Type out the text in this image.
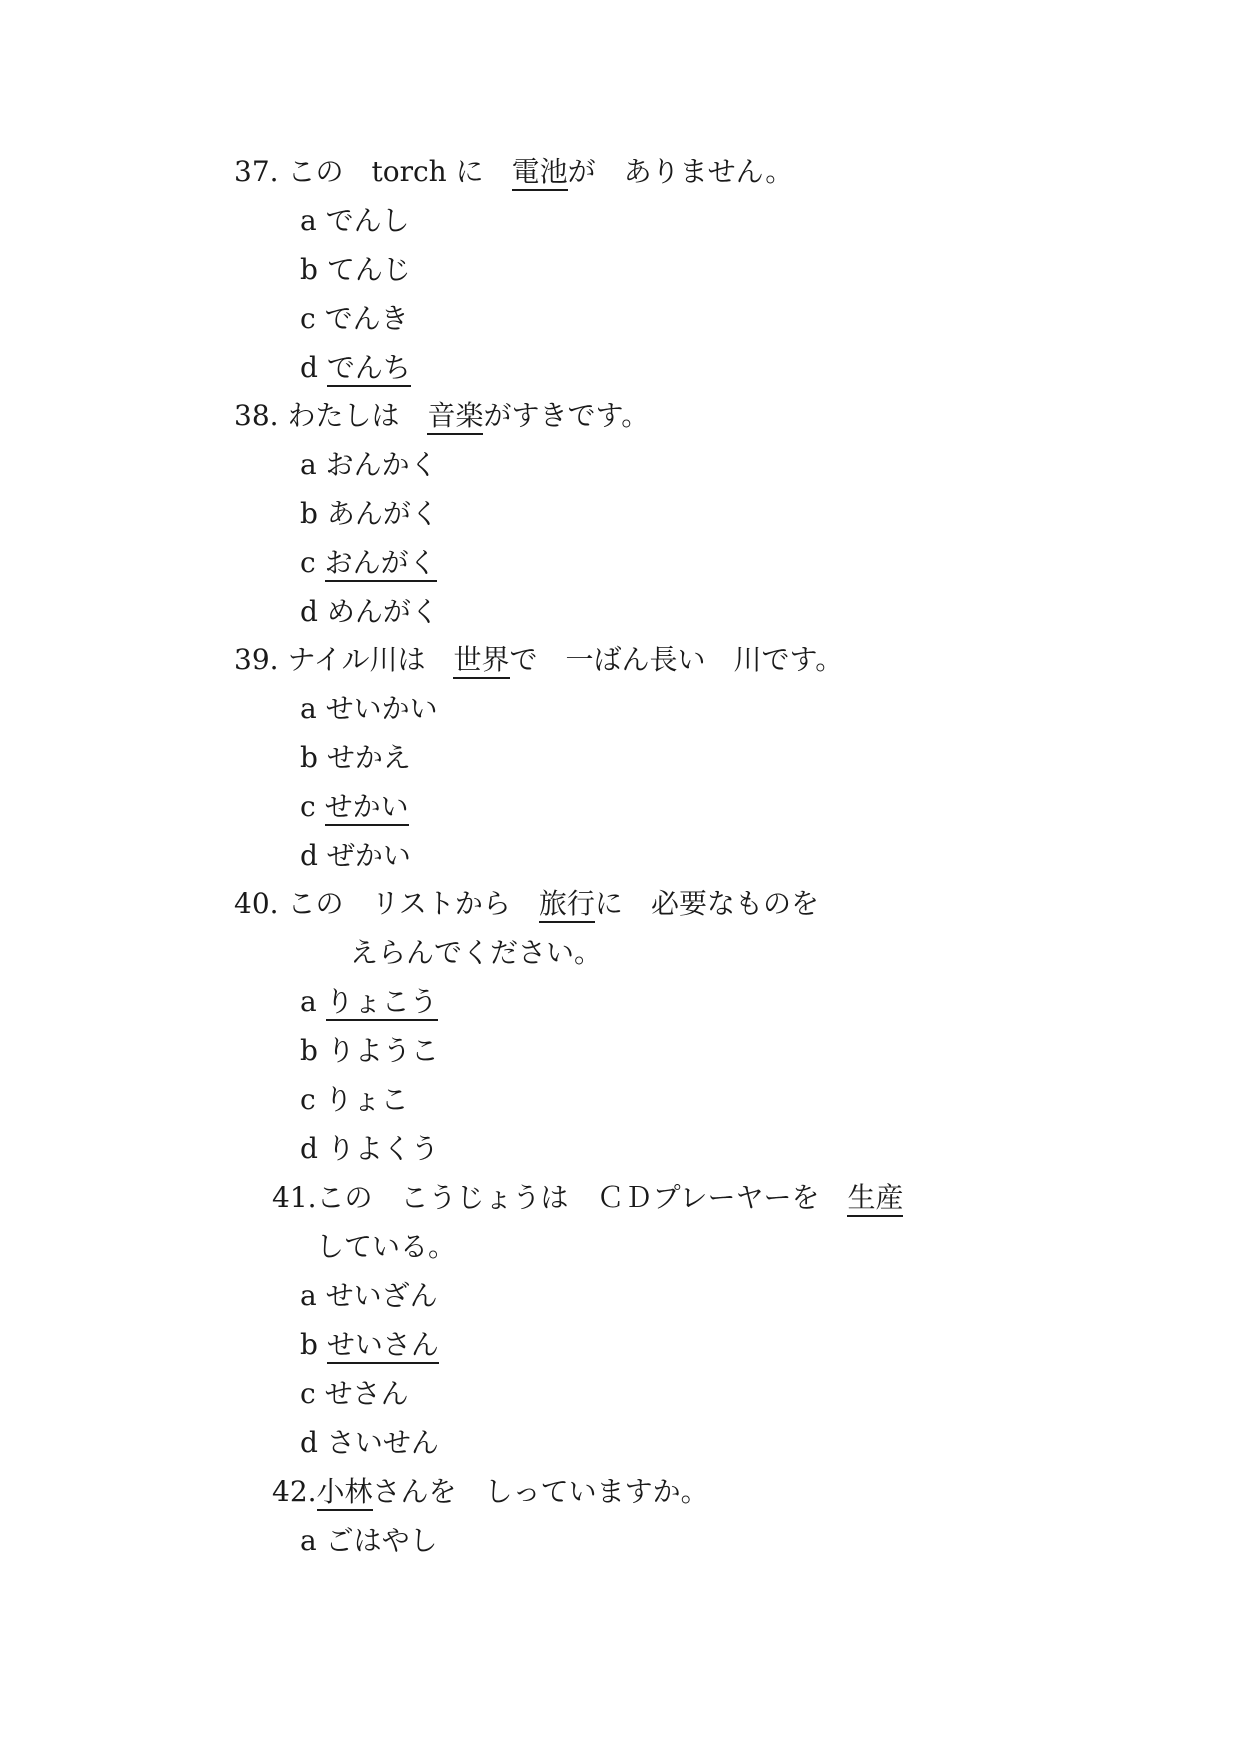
37. この torch に 電池が ありません。
a でんし
b てんじ
c でんき
d でんち
38. わたしは 音楽がすきです。
a おんかく
b あんがく
c おんがく
d めんがく
39. ナイル川は 世界で 一ばん長い 川です。
a せいかい
b せかえ
c せかい
d ぜかい
40. この リストから 旅行に 必要なものを
えらんでください。
a りょこう
b りようこ
c りょこ
d りよくう
41.この こうじょうは ＣＤプレーヤーを 生産
している。
a せいざん
b せいさん
c せさん
d さいせん
42.小林さんを しっていますか。
a ごはやし
